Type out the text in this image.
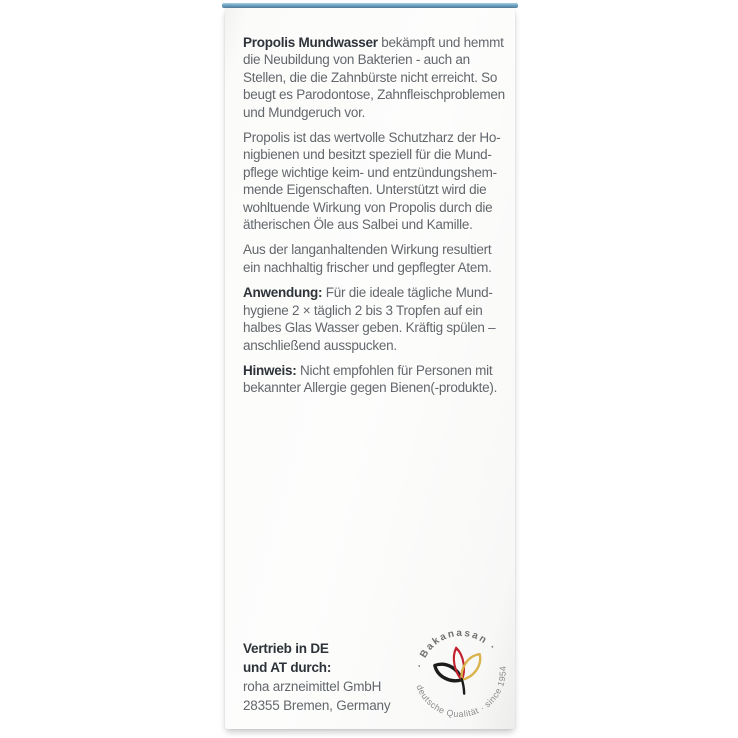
Propolis Mundwasser bekämpft und hemmt
die Neubildung von Bakterien - auch an
Stellen, die die Zahnbürste nicht erreicht. So
beugt es Parodontose, Zahnfleischproblemen
und Mundgeruch vor.
Propolis ist das wertvolle Schutzharz der Ho-
nigbienen und besitzt speziell für die Mund-
pflege wichtige keim- und entzündungshem-
mende Eigenschaften. Unterstützt wird die
wohltuende Wirkung von Propolis durch die
ätherischen Öle aus Salbei und Kamille.
Aus der langanhaltenden Wirkung resultiert
ein nachhaltig frischer und gepflegter Atem.
Anwendung: Für die ideale tägliche Mund-
hygiene 2 × täglich 2 bis 3 Tropfen auf ein
halbes Glas Wasser geben. Kräftig spülen –
anschließend ausspucken.
Hinweis: Nicht empfohlen für Personen mit
bekannter Allergie gegen Bienen(-produkte).
Vertrieb in DE
und AT durch:
roha arzneimittel GmbH
28355 Bremen, Germany
· Bakanasan ·
deutsche Qualität · since 1954
